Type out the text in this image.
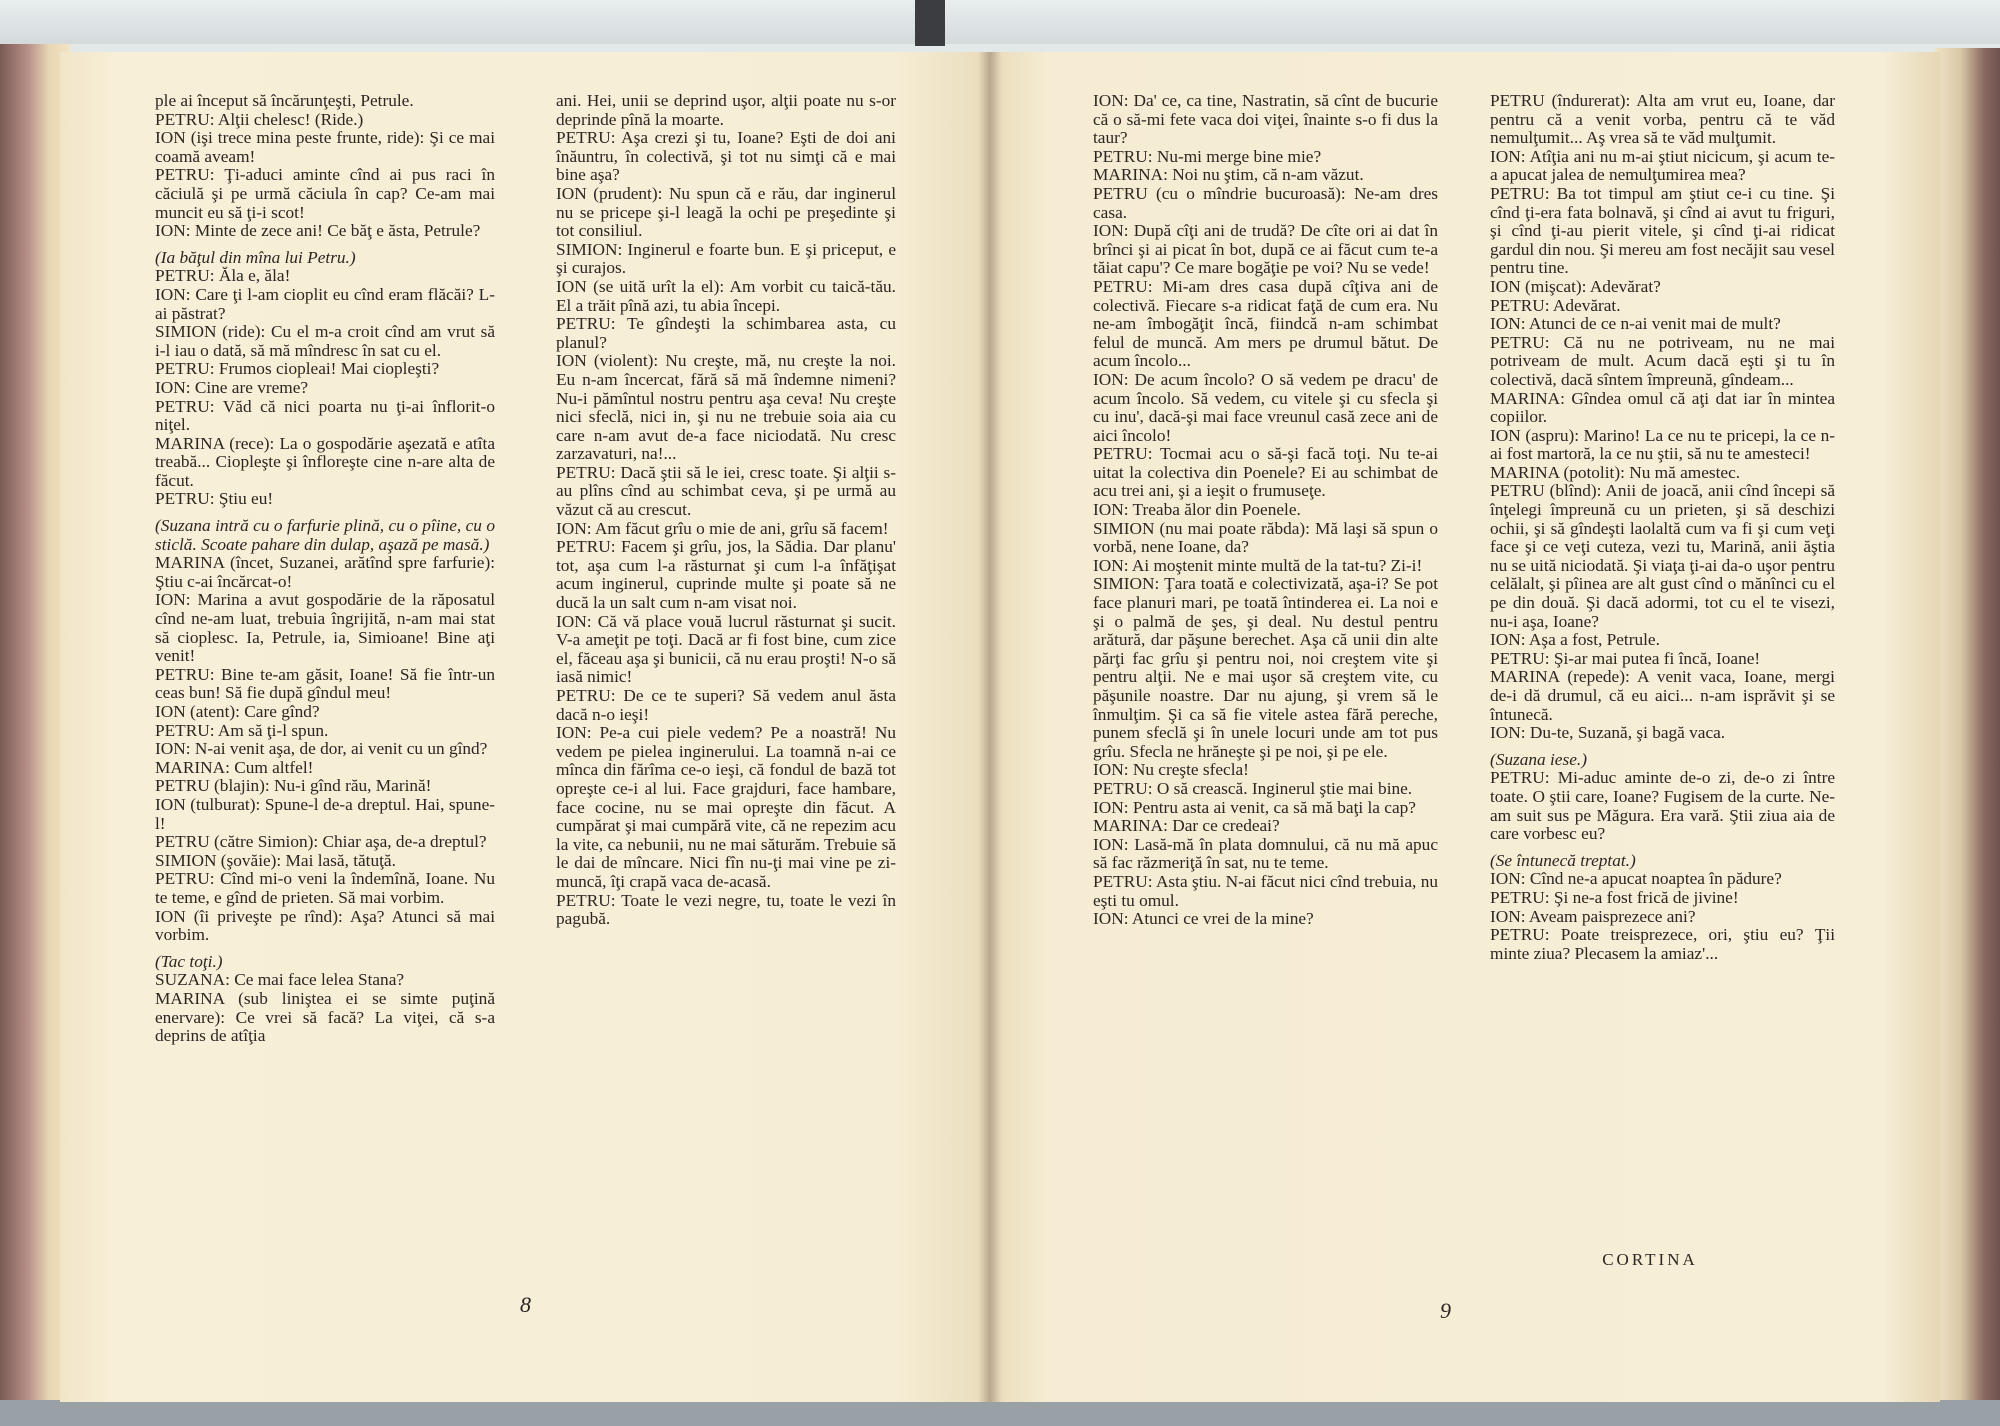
ple ai început să încărunţeşti, Petrule.

PETRU: Alţii chelesc! (Ride.)

ION (işi trece mina peste frunte, ride): Şi ce mai coamă aveam!

PETRU: Ţi-aduci aminte cînd ai pus raci în căciulă şi pe urmă căciula în cap? Ce-am mai muncit eu să ţi-i scot!

ION: Minte de zece ani! Ce băţ e ăsta, Petrule?

(Ia băţul din mîna lui Petru.)

PETRU: Ăla e, ăla!

ION: Care ţi l-am cioplit eu cînd eram flăcăi? L-ai păstrat?

SIMION (ride): Cu el m-a croit cînd am vrut să i-l iau o dată, să mă mîndresc în sat cu el.

PETRU: Frumos ciopleai! Mai ciopleşti?

ION: Cine are vreme?

PETRU: Văd că nici poarta nu ţi-ai înflorit-o niţel.

MARINA (rece): La o gospodărie aşezată e atîta treabă... Ciopleşte şi înfloreşte cine n-are alta de făcut.

PETRU: Ştiu eu!

(Suzana intră cu o farfurie plină, cu o pîine, cu o sticlă. Scoate pahare din dulap, aşază pe masă.)

MARINA (încet, Suzanei, arătînd spre farfurie): Ştiu c-ai încărcat-o!

ION: Marina a avut gospodărie de la răposatul cînd ne-am luat, trebuia îngrijită, n-am mai stat să cioplesc. Ia, Petrule, ia, Simioane! Bine aţi venit!

PETRU: Bine te-am găsit, Ioane! Să fie într-un ceas bun! Să fie după gîndul meu!

ION (atent): Care gînd?

PETRU: Am să ţi-l spun.

ION: N-ai venit aşa, de dor, ai venit cu un gînd?

MARINA: Cum altfel!

PETRU (blajin): Nu-i gînd rău, Marină!

ION (tulburat): Spune-l de-a dreptul. Hai, spune-l!

PETRU (către Simion): Chiar aşa, de-a dreptul?

SIMION (şovăie): Mai lasă, tătuţă.

PETRU: Cînd mi-o veni la îndemînă, Ioane. Nu te teme, e gînd de prieten. Să mai vorbim.

ION (îi priveşte pe rînd): Aşa? Atunci să mai vorbim.

(Tac toţi.)

SUZANA: Ce mai face lelea Stana?

MARINA (sub liniştea ei se simte puţină enervare): Ce vrei să facă? La viţei, că s-a deprins de atîţia

ani. Hei, unii se deprind uşor, alţii poate nu s-or deprinde pînă la moarte.

PETRU: Aşa crezi şi tu, Ioane? Eşti de doi ani înăuntru, în colectivă, şi tot nu simţi că e mai bine aşa?

ION (prudent): Nu spun că e rău, dar inginerul nu se pricepe şi-l leagă la ochi pe preşedinte şi tot consiliul.

SIMION: Inginerul e foarte bun. E şi priceput, e şi curajos.

ION (se uită urît la el): Am vorbit cu taică-tău. El a trăit pînă azi, tu abia începi.

PETRU: Te gîndeşti la schimbarea asta, cu planul?

ION (violent): Nu creşte, mă, nu creşte la noi. Eu n-am încercat, fără să mă îndemne nimeni? Nu-i pămîntul nostru pentru aşa ceva! Nu creşte nici sfeclă, nici in, şi nu ne trebuie soia aia cu care n-am avut de-a face niciodată. Nu cresc zarzavaturi, na!...

PETRU: Dacă ştii să le iei, cresc toate. Şi alţii s-au plîns cînd au schimbat ceva, şi pe urmă au văzut că au crescut.

ION: Am făcut grîu o mie de ani, grîu să facem!

PETRU: Facem şi grîu, jos, la Sădia. Dar planu' tot, aşa cum l-a răsturnat şi cum l-a înfăţişat acum inginerul, cuprinde multe şi poate să ne ducă la un salt cum n-am visat noi.

ION: Că vă place vouă lucrul răsturnat şi sucit. V-a ameţit pe toţi. Dacă ar fi fost bine, cum zice el, făceau aşa şi bunicii, că nu erau proşti! N-o să iasă nimic!

PETRU: De ce te superi? Să vedem anul ăsta dacă n-o ieşi!

ION: Pe-a cui piele vedem? Pe a noastră! Nu vedem pe pielea inginerului. La toamnă n-ai ce mînca din fărîma ce-o ieşi, că fondul de bază tot opreşte ce-i al lui. Face grajduri, face hambare, face cocine, nu se mai opreşte din făcut. A cumpărat şi mai cumpără vite, că ne repezim acu la vite, ca nebunii, nu ne mai săturăm. Trebuie să le dai de mîncare. Nici fîn nu-ţi mai vine pe zi-muncă, îţi crapă vaca de-acasă.

PETRU: Toate le vezi negre, tu, toate le vezi în pagubă.

ION: Da' ce, ca tine, Nastratin, să cînt de bucurie că o să-mi fete vaca doi viţei, înainte s-o fi dus la taur?

PETRU: Nu-mi merge bine mie?

MARINA: Noi nu ştim, că n-am văzut.

PETRU (cu o mîndrie bucuroasă): Ne-am dres casa.

ION: După cîţi ani de trudă? De cîte ori ai dat în brînci şi ai picat în bot, după ce ai făcut cum te-a tăiat capu'? Ce mare bogăţie pe voi? Nu se vede!

PETRU: Mi-am dres casa după cîţiva ani de colectivă. Fiecare s-a ridicat faţă de cum era. Nu ne-am îmbogăţit încă, fiindcă n-am schimbat felul de muncă. Am mers pe drumul bătut. De acum încolo...

ION: De acum încolo? O să vedem pe dracu' de acum încolo. Să vedem, cu vitele şi cu sfecla şi cu inu', dacă-şi mai face vreunul casă zece ani de aici încolo!

PETRU: Tocmai acu o să-şi facă toţi. Nu te-ai uitat la colectiva din Poenele? Ei au schimbat de acu trei ani, şi a ieşit o frumuseţe.

ION: Treaba ălor din Poenele.

SIMION (nu mai poate răbda): Mă laşi să spun o vorbă, nene Ioane, da?

ION: Ai moştenit minte multă de la tat-tu? Zi-i!

SIMION: Ţara toată e colectivizată, aşa-i? Se pot face planuri mari, pe toată întinderea ei. La noi e şi o palmă de şes, şi deal. Nu destul pentru arătură, dar păşune berechet. Aşa că unii din alte părţi fac grîu şi pentru noi, noi creştem vite şi pentru alţii. Ne e mai uşor să creştem vite, cu păşunile noastre. Dar nu ajung, şi vrem să le înmulţim. Şi ca să fie vitele astea fără pereche, punem sfeclă şi în unele locuri unde am tot pus grîu. Sfecla ne hrăneşte şi pe noi, şi pe ele.

ION: Nu creşte sfecla!

PETRU: O să crească. Inginerul ştie mai bine.

ION: Pentru asta ai venit, ca să mă baţi la cap?

MARINA: Dar ce credeai?

ION: Lasă-mă în plata domnului, că nu mă apuc să fac răzmeriţă în sat, nu te teme.

PETRU: Asta ştiu. N-ai făcut nici cînd trebuia, nu eşti tu omul.

ION: Atunci ce vrei de la mine?

PETRU (îndurerat): Alta am vrut eu, Ioane, dar pentru că a venit vorba, pentru că te văd nemulţumit... Aş vrea să te văd mulţumit.

ION: Atîţia ani nu m-ai ştiut nicicum, şi acum te-a apucat jalea de nemulţumirea mea?

PETRU: Ba tot timpul am ştiut ce-i cu tine. Şi cînd ţi-era fata bolnavă, şi cînd ai avut tu friguri, şi cînd ţi-au pierit vitele, şi cînd ţi-ai ridicat gardul din nou. Şi mereu am fost necăjit sau vesel pentru tine.

ION (mişcat): Adevărat?

PETRU: Adevărat.

ION: Atunci de ce n-ai venit mai de mult?

PETRU: Că nu ne potriveam, nu ne mai potriveam de mult. Acum dacă eşti şi tu în colectivă, dacă sîntem împreună, gîndeam...

MARINA: Gîndea omul că aţi dat iar în mintea copiilor.

ION (aspru): Marino! La ce nu te pricepi, la ce n-ai fost martoră, la ce nu ştii, să nu te amesteci!

MARINA (potolit): Nu mă amestec.

PETRU (blînd): Anii de joacă, anii cînd începi să înţelegi împreună cu un prieten, şi să deschizi ochii, şi să gîndeşti laolaltă cum va fi şi cum veţi face şi ce veţi cuteza, vezi tu, Marină, anii ăştia nu se uită niciodată. Şi viaţa ţi-ai da-o uşor pentru celălalt, şi pîinea are alt gust cînd o mănînci cu el pe din două. Şi dacă adormi, tot cu el te visezi, nu-i aşa, Ioane?

ION: Aşa a fost, Petrule.

PETRU: Şi-ar mai putea fi încă, Ioane!

MARINA (repede): A venit vaca, Ioane, mergi de-i dă drumul, că eu aici... n-am isprăvit şi se întunecă.

ION: Du-te, Suzană, şi bagă vaca.

(Suzana iese.)

PETRU: Mi-aduc aminte de-o zi, de-o zi între toate. O ştii care, Ioane? Fugisem de la curte. Ne-am suit sus pe Măgura. Era vară. Ştii ziua aia de care vorbesc eu?

(Se întunecă treptat.)

ION: Cînd ne-a apucat noaptea în pădure?

PETRU: Şi ne-a fost frică de jivine!

ION: Aveam paisprezece ani?

PETRU: Poate treisprezece, ori, ştiu eu? Ţii minte ziua? Plecasem la amiaz'...

8	9
CORTINA
